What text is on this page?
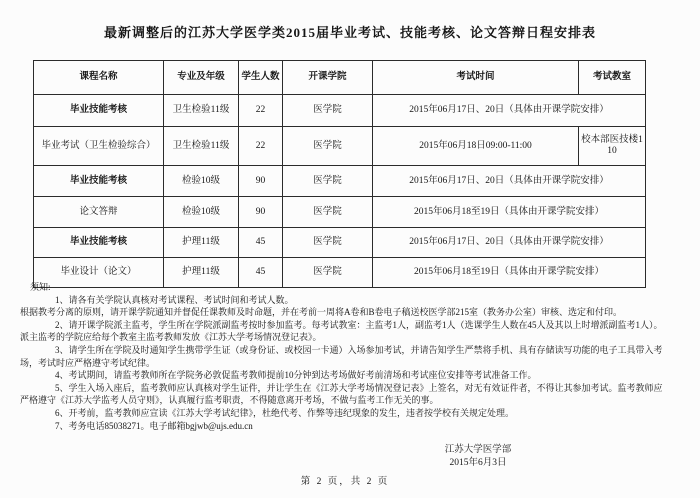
最新调整后的江苏大学医学类2015届毕业考试、技能考核、论文答辩日程安排表
课程名称	专业及年级	学生人数	开课学院	考试时间	考试教室
毕业技能考核	卫生检验11级	22	医学院	2015年06月17日、20日（具体由开课学院安排）	
毕业考试（卫生检验综合）	卫生检验11级	22	医学院	2015年06月18日09:00-11:00	校本部医技楼110
毕业技能考核	检验10级	90	医学院	2015年06月17日、20日（具体由开课学院安排）	
论文答辩	检验10级	90	医学院	2015年06月18至19日（具体由开课学院安排）	
毕业技能考核	护理11级	45	医学院	2015年06月17日、20日（具体由开课学院安排）	
毕业设计（论文）	护理11级	45	医学院	2015年06月18至19日（具体由开课学院安排）	
须知:
1、请各有关学院认真核对考试课程、考试时间和考试人数。
根据教考分离的原则，请开课学院通知并督促任课教师及时命题，并在考前一周将A卷和B卷电子稿送校医学部215室（教务办公室）审核、选定和付印。
2、请开课学院派主监考，学生所在学院派副监考按时参加监考。每考试教室：主监考1人，副监考1人（选课学生人数在45人及其以上时增派副监考1人）。
派主监考的学院应给每个教室主监考教师发放《江苏大学考场情况登记表》。
3、请学生所在学院及时通知学生携带学生证（或身份证、或校园一卡通）入场参加考试，并请告知学生严禁将手机、具有存储读写功能的电子工具带入考
场，考试时应严格遵守考试纪律。
4、考试期间，请监考教师所在学院务必敦促监考教师提前10分钟到达考场做好考前清场和考试座位安排等考试准备工作。
5、学生入场入座后，监考教师应认真核对学生证件，并让学生在《江苏大学考场情况登记表》上签名，对无有效证件者，不得让其参加考试。监考教师应
严格遵守《江苏大学监考人员守则》，认真履行监考职责，不得随意离开考场，不做与监考工作无关的事。
6、开考前，监考教师应宣读《江苏大学考试纪律》，杜绝代考、作弊等违纪现象的发生，违者按学校有关规定处理。
7、考务电话85038271。电子邮箱bgjwb@ujs.edu.cn
江苏大学医学部
2015年6月3日
第 2 页，共 2 页
